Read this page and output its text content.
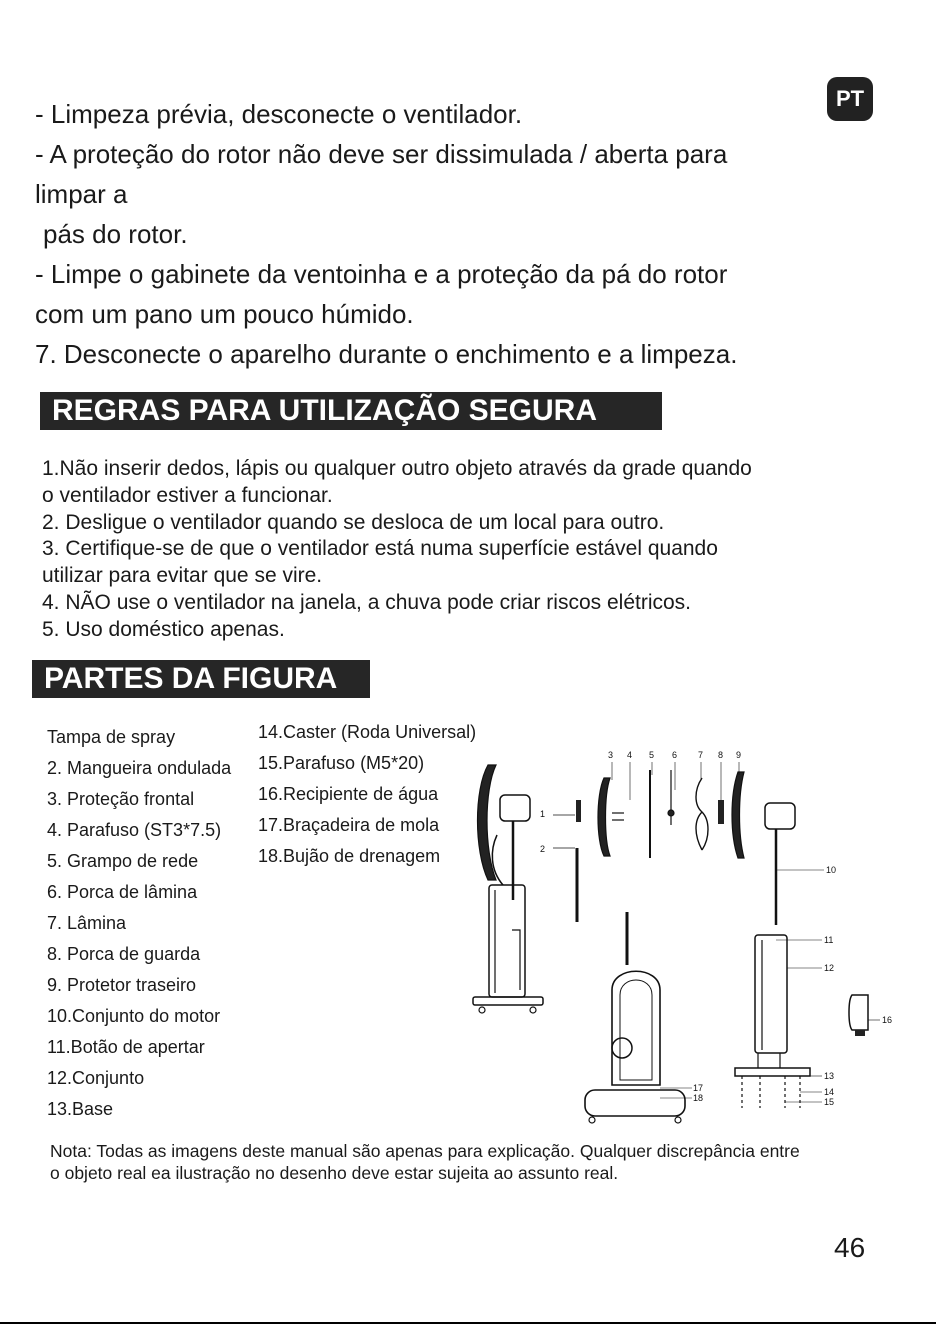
PT

- Limpeza prévia, desconecte o ventilador.

- A proteção do rotor não deve ser dissimulada / aberta para

limpar a

pás do rotor.

- Limpe o gabinete da ventoinha e a proteção da pá do rotor

com um pano um pouco húmido.

7. Desconecte o aparelho durante o enchimento e a limpeza.

REGRAS PARA UTILIZAÇÃO SEGURA

1.Não inserir dedos, lápis ou qualquer outro objeto através da grade quando

o ventilador estiver a funcionar.

2. Desligue o ventilador quando se desloca de um local para outro.

3. Certifique-se de que o ventilador está numa superfície estável quando

utilizar para evitar que se vire.

4. NÃO use o ventilador na janela, a chuva pode criar riscos elétricos.

5. Uso doméstico apenas.

PARTES DA FIGURA
Tampa de spray
2. Mangueira ondulada
3. Proteção frontal
4. Parafuso (ST3*7.5)
5. Grampo de rede
6. Porca de lâmina
7. Lâmina
8. Porca de guarda
9. Protetor traseiro
10.Conjunto do motor
11.Botão de apertar
12.Conjunto
13.Base
14.Caster (Roda Universal)
15.Parafuso (M5*20)
16.Recipiente de água
17.Braçadeira de mola
18.Bujão de drenagem
1
2
3 4 5 6 7 8 9
10
11
12
13
14
15
16
17
18

Nota: Todas as imagens deste manual são apenas para explicação. Qualquer discrepância entre

o objeto real ea ilustração no desenho deve estar sujeita ao assunto real.

46
